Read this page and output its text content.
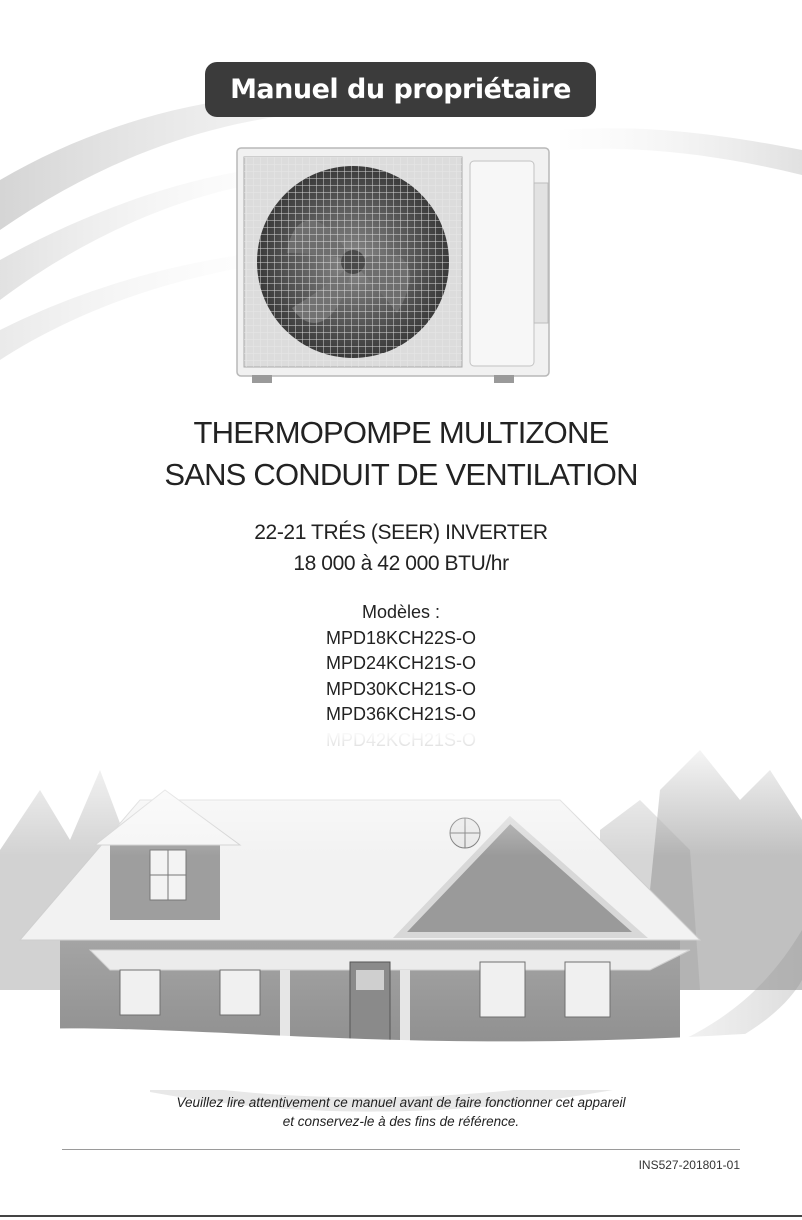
Manuel du propriétaire
THERMOPOMPE MULTIZONE
SANS CONDUIT DE VENTILATION
22-21 TRÉS (SEER) INVERTER
18 000 à 42 000 BTU/hr
Modèles :
MPD18KCH22S-O
MPD24KCH21S-O
MPD30KCH21S-O
MPD36KCH21S-O
Veuillez lire attentivement ce manuel avant de faire fonctionner cet appareil
et conservez-le à des fins de référence.
INS527-201801-01
